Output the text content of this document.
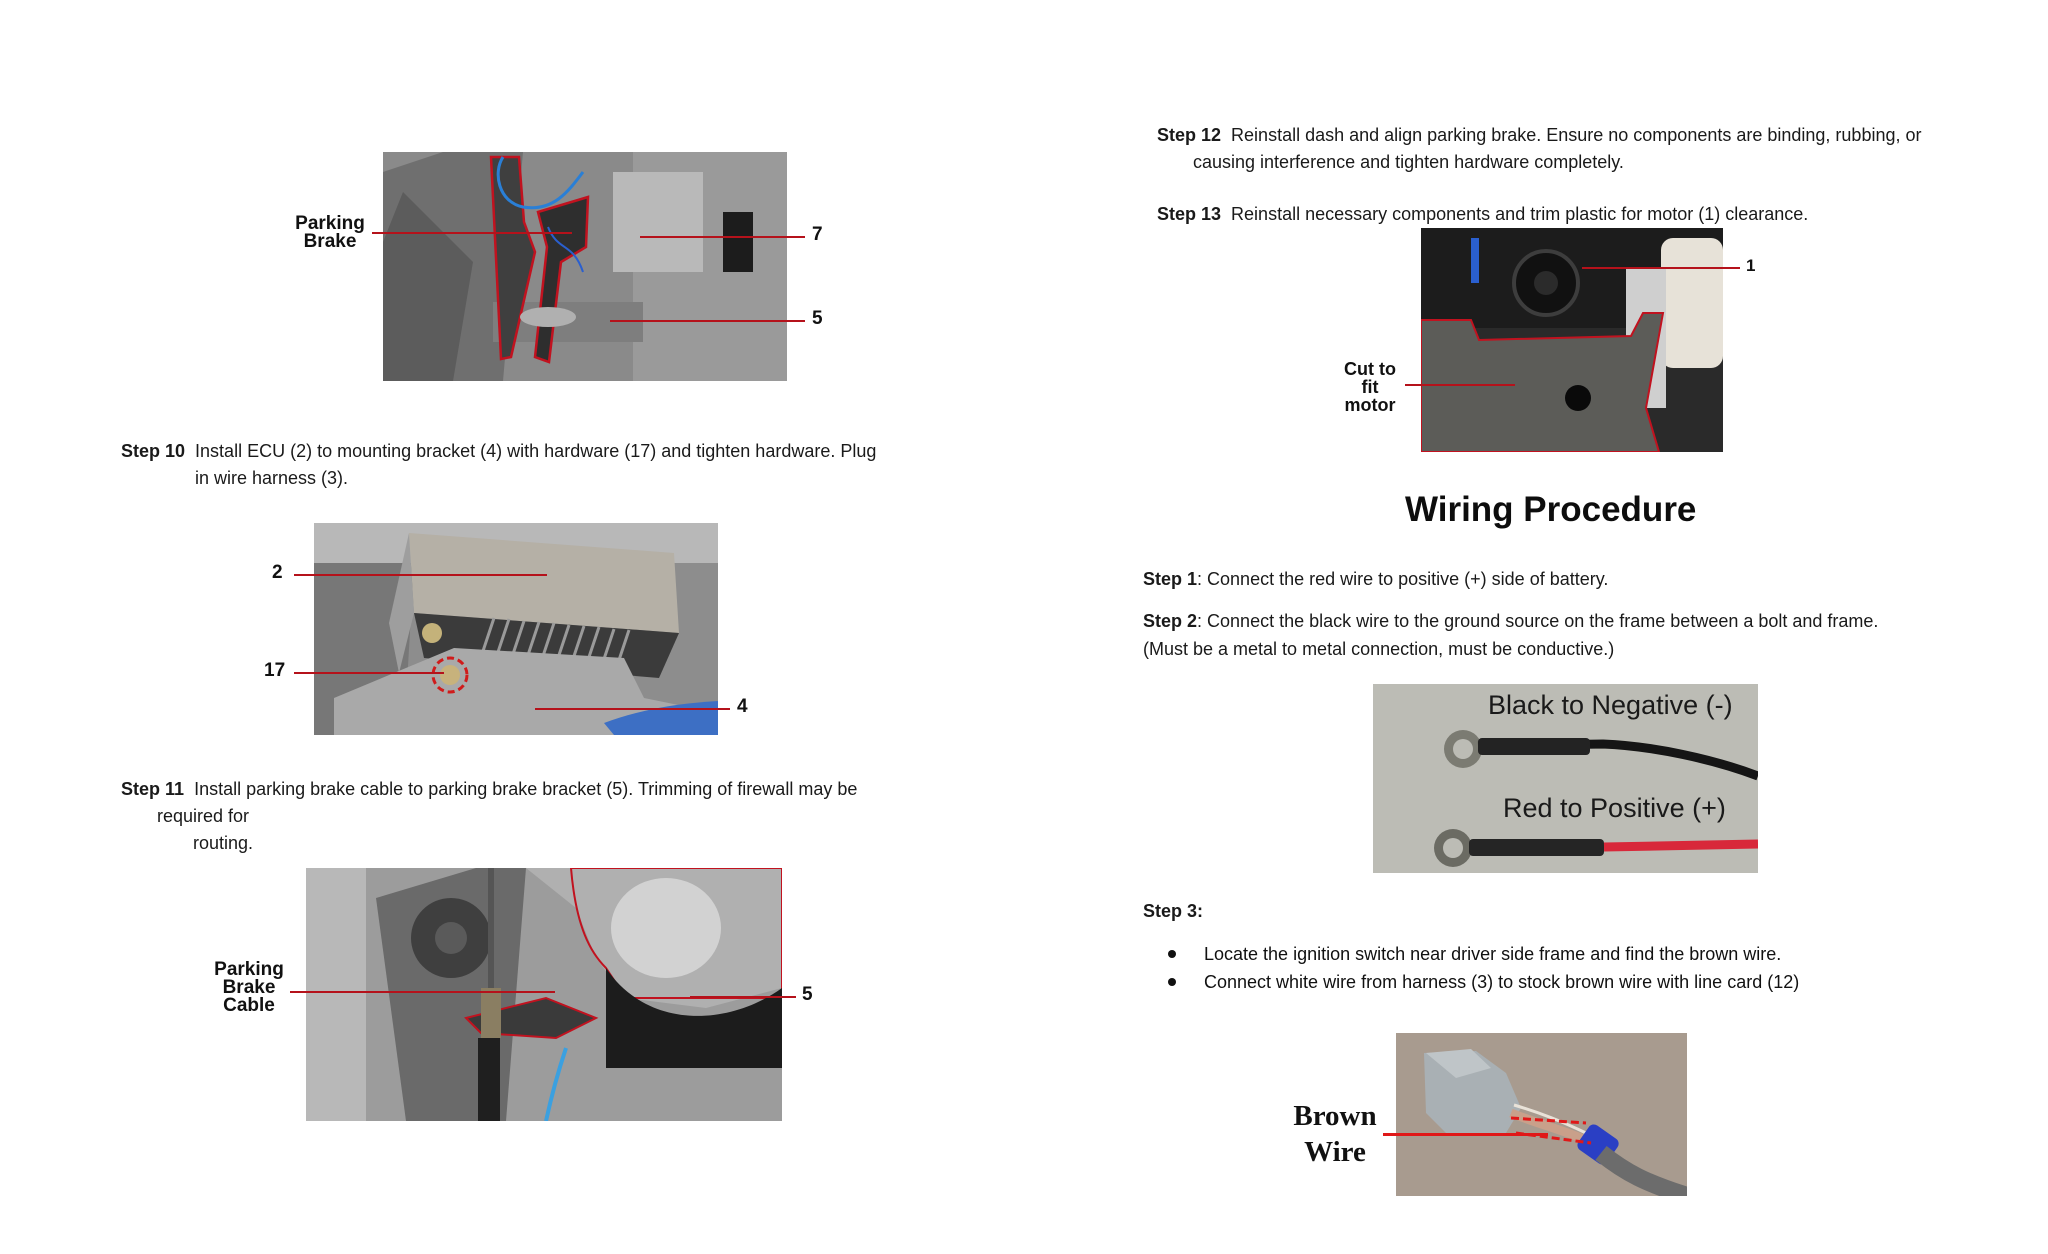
Parking
Brake	7
5
Step 10 Install ECU (2) to mounting bracket (4) with hardware (17) and tighten hardware. Plug
in wire harness (3).
2
17
4
Step 11 Install parking brake cable to parking brake bracket (5). Trimming of firewall may be
required for
routing.
Parking
Brake
Cable
5
Step 12 Reinstall dash and align parking brake. Ensure no components are binding, rubbing, or
causing interference and tighten hardware completely.
Step 13 Reinstall necessary components and trim plastic for motor (1) clearance.
1
Cut to
fit
motor
Wiring Procedure
Step 1: Connect the red wire to positive (+) side of battery.
Step 2: Connect the black wire to the ground source on the frame between a bolt and frame.
(Must be a metal to metal connection, must be conductive.)
Black to Negative (-)
Red to Positive (+)
Step 3:
Locate the ignition switch near driver side frame and find the brown wire.
Connect white wire from harness (3) to stock brown wire with line card (12)
Brown
Wire
